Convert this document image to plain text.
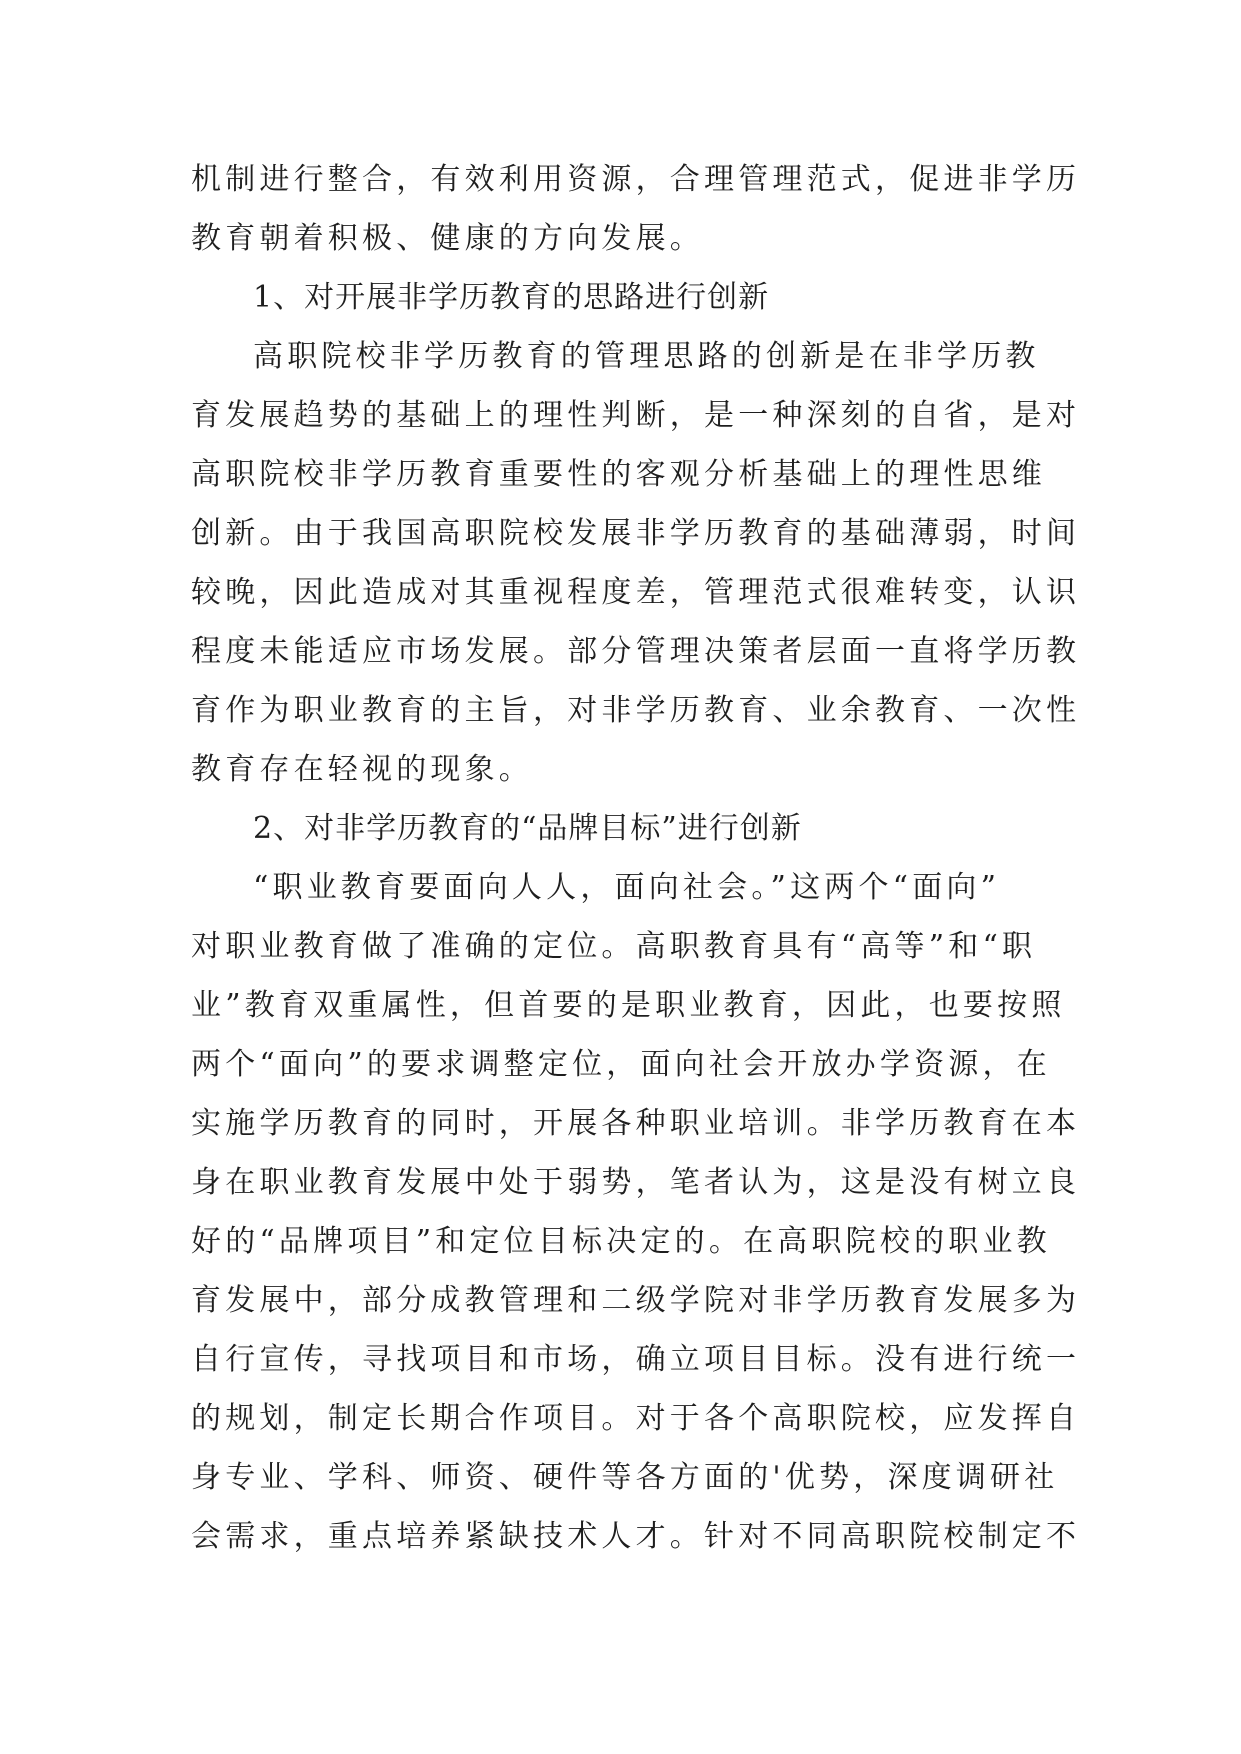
机制进行整合，有效利用资源，合理管理范式，促进非学历
教育朝着积极、健康的方向发展。
1、对开展非学历教育的思路进行创新
高职院校非学历教育的管理思路的创新是在非学历教
育发展趋势的基础上的理性判断，是一种深刻的自省，是对
高职院校非学历教育重要性的客观分析基础上的理性思维
创新。由于我国高职院校发展非学历教育的基础薄弱，时间
较晚，因此造成对其重视程度差，管理范式很难转变，认识
程度未能适应市场发展。部分管理决策者层面一直将学历教
育作为职业教育的主旨，对非学历教育、业余教育、一次性
教育存在轻视的现象。
2、对非学历教育的“品牌目标”进行创新
“职业教育要面向人人，面向社会。”这两个“面向”
对职业教育做了准确的定位。高职教育具有“高等”和“职
业”教育双重属性，但首要的是职业教育，因此，也要按照
两个“面向”的要求调整定位，面向社会开放办学资源，在
实施学历教育的同时，开展各种职业培训。非学历教育在本
身在职业教育发展中处于弱势，笔者认为，这是没有树立良
好的“品牌项目”和定位目标决定的。在高职院校的职业教
育发展中，部分成教管理和二级学院对非学历教育发展多为
自行宣传，寻找项目和市场，确立项目目标。没有进行统一
的规划，制定长期合作项目。对于各个高职院校，应发挥自
身专业、学科、师资、硬件等各方面的'优势，深度调研社
会需求，重点培养紧缺技术人才。针对不同高职院校制定不
